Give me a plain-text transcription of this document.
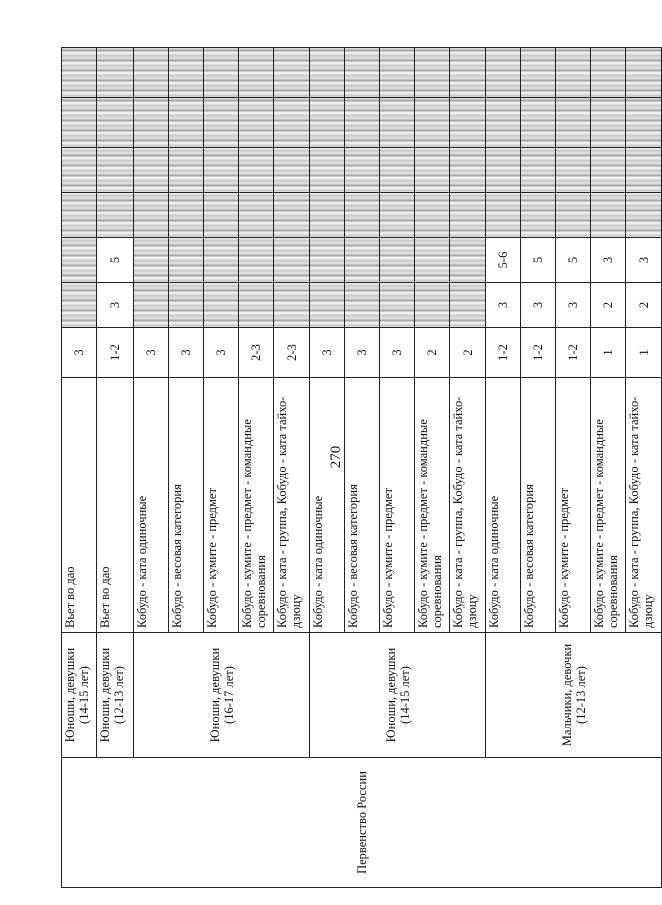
270
Первенство России	Юноши, девушки (14-15 лет)	Вьет во дао	3						
	Юноши, девушки (12-13 лет)	Вьет во дао	1-2	3	5				
	Юноши, девушки (16-17 лет)	Кобудо - ката одиночные	3						
		Кобудо - весовая категория	3						
		Кобудо - кумите - предмет	3						
		Кобудо - кумите - предмет - командные соревнования	2-3						
		Кобудо - ката - группа, Кобудо - ката тайхо-дзюцу	2-3						
	Юноши, девушки (14-15 лет)	Кобудо - ката одиночные	3						
		Кобудо - весовая категория	3						
		Кобудо - кумите - предмет	3						
		Кобудо - кумите - предмет - командные соревнования	2						
		Кобудо - ката - группа, Кобудо - ката тайхо-дзюцу	2						
	Мальчики, девочки (12-13 лет)	Кобудо - ката одиночные	1-2	3	5-6				
		Кобудо - весовая категория	1-2	3	5				
		Кобудо - кумите - предмет	1-2	3	5				
		Кобудо - кумите - предмет - командные соревнования	1	2	3				
		Кобудо - ката - группа, Кобудо - ката тайхо-дзюцу	1	2	3				
